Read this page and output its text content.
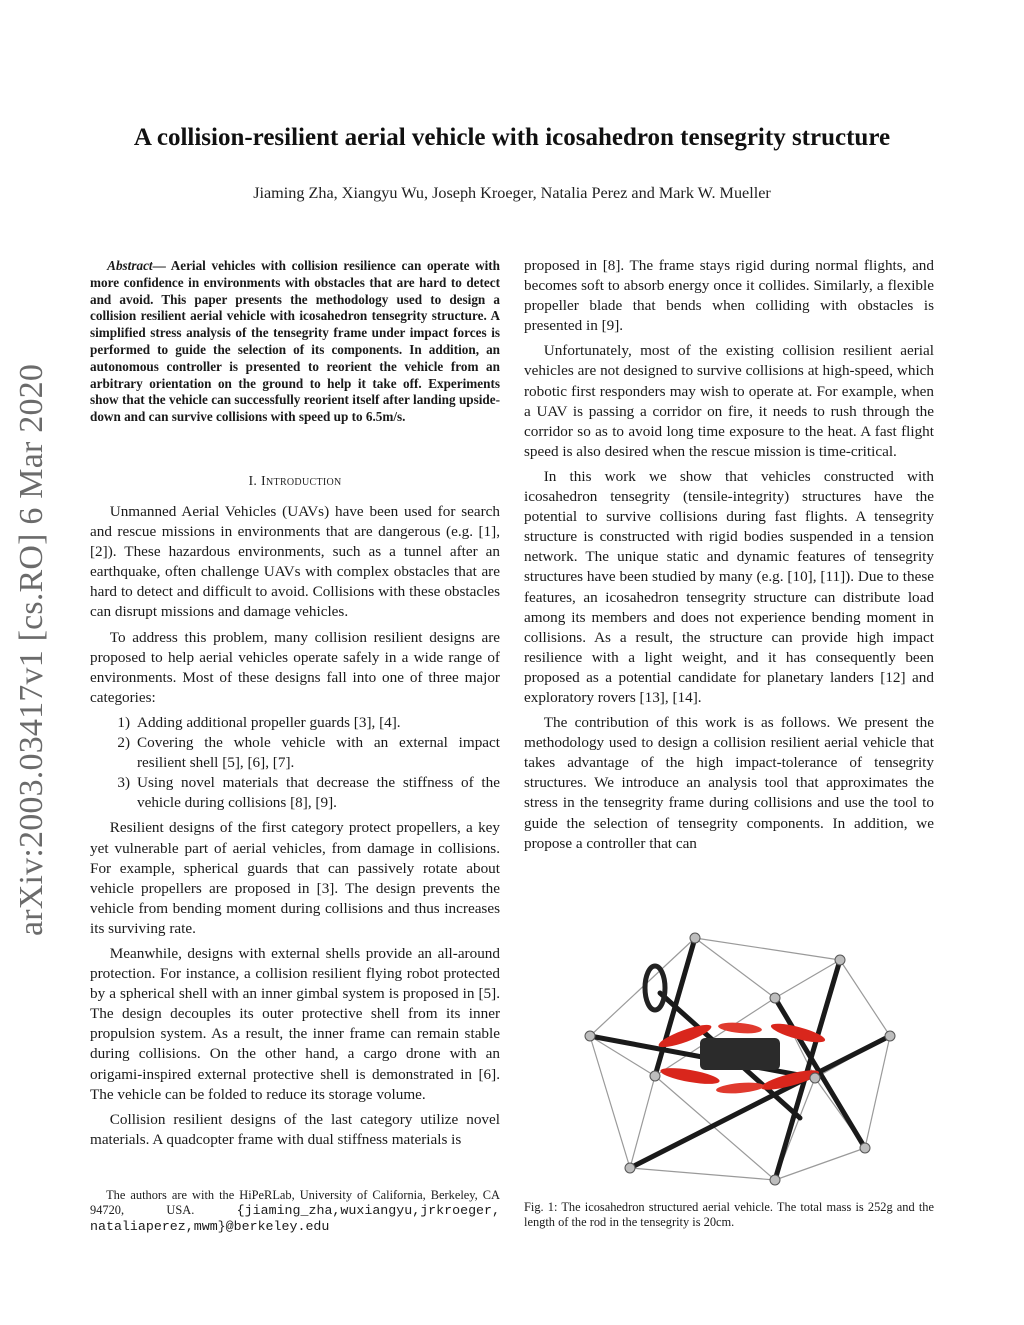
arXiv:2003.03417v1 [cs.RO] 6 Mar 2020
A collision-resilient aerial vehicle with icosahedron tensegrity structure
Jiaming Zha, Xiangyu Wu, Joseph Kroeger, Natalia Perez and Mark W. Mueller
Abstract— Aerial vehicles with collision resilience can operate with more confidence in environments with obstacles that are hard to detect and avoid. This paper presents the methodology used to design a collision resilient aerial vehicle with icosahedron tensegrity structure. A simplified stress analysis of the tensegrity frame under impact forces is performed to guide the selection of its components. In addition, an autonomous controller is presented to reorient the vehicle from an arbitrary orientation on the ground to help it take off. Experiments show that the vehicle can successfully reorient itself after landing upside-down and can survive collisions with speed up to 6.5m/s.
I. Introduction

Unmanned Aerial Vehicles (UAVs) have been used for search and rescue missions in environments that are dangerous (e.g. [1], [2]). These hazardous environments, such as a tunnel after an earthquake, often challenge UAVs with complex obstacles that are hard to detect and difficult to avoid. Collisions with these obstacles can disrupt missions and damage vehicles.

To address this problem, many collision resilient designs are proposed to help aerial vehicles operate safely in a wide range of environments. Most of these designs fall into one of three major categories:

1) Adding additional propeller guards [3], [4].
2) Covering the whole vehicle with an external impact resilient shell [5], [6], [7].
3) Using novel materials that decrease the stiffness of the vehicle during collisions [8], [9].

Resilient designs of the first category protect propellers, a key yet vulnerable part of aerial vehicles, from damage in collisions. For example, spherical guards that can passively rotate about vehicle propellers are proposed in [3]. The design prevents the vehicle from bending moment during collisions and thus increases its surviving rate.

Meanwhile, designs with external shells provide an all-around protection. For instance, a collision resilient flying robot protected by a spherical shell with an inner gimbal system is proposed in [5]. The design decouples its outer protective shell from its inner propulsion system. As a result, the inner frame can remain stable during collisions. On the other hand, a cargo drone with an origami-inspired external protective shell is demonstrated in [6]. The vehicle can be folded to reduce its storage volume.

Collision resilient designs of the last category utilize novel materials. A quadcopter frame with dual stiffness materials is

The authors are with the HiPeRLab, University of California, Berkeley, CA 94720, USA.	{jiaming_zha,wuxiangyu,jrkroeger, nataliaperez,mwm}@berkeley.edu

proposed in [8]. The frame stays rigid during normal flights, and becomes soft to absorb energy once it collides. Similarly, a flexible propeller blade that bends when colliding with obstacles is presented in [9].

Unfortunately, most of the existing collision resilient aerial vehicles are not designed to survive collisions at high-speed, which robotic first responders may wish to operate at. For example, when a UAV is passing a corridor on fire, it needs to rush through the corridor so as to avoid long time exposure to the heat. A fast flight speed is also desired when the rescue mission is time-critical.

In this work we show that vehicles constructed with icosahedron tensegrity (tensile-integrity) structures have the potential to survive collisions during fast flights. A tensegrity structure is constructed with rigid bodies suspended in a tension network. The unique static and dynamic features of tensegrity structures have been studied by many (e.g. [10], [11]). Due to these features, an icosahedron tensegrity structure can distribute load among its members and does not experience bending moment in collisions. As a result, the structure can provide high impact resilience with a light weight, and it has consequently been proposed as a potential candidate for planetary landers [12] and exploratory rovers [13], [14].

The contribution of this work is as follows. We present the methodology used to design a collision resilient aerial vehicle that takes advantage of the high impact-tolerance of tensegrity structures. We introduce an analysis tool that approximates the stress in the tensegrity frame during collisions and use the tool to guide the selection of tensegrity components. In addition, we propose a controller that can

Fig. 1: The icosahedron structured aerial vehicle. The total mass is 252g and the length of the rod in the tensegrity is 20cm.
